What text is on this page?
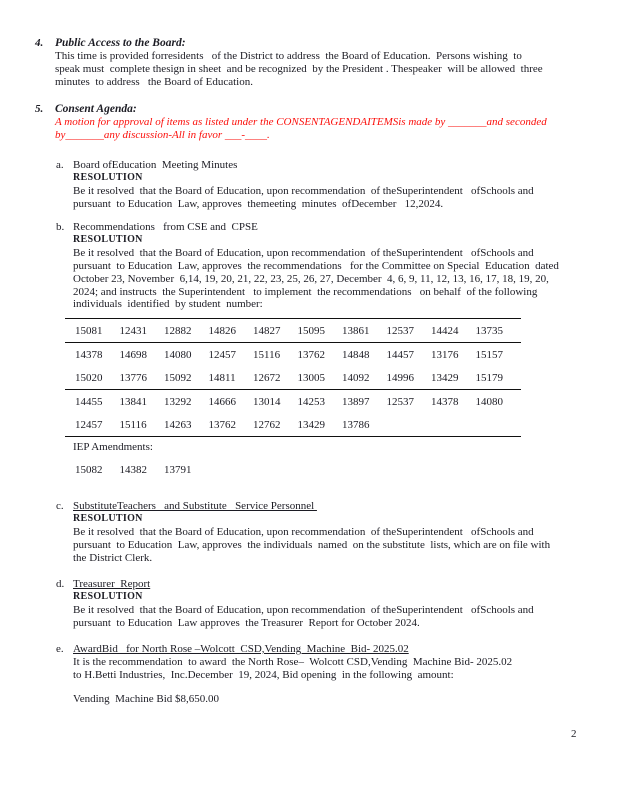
4. Public Access to the Board:
This time is provided forresidents   of the District to address  the Board of Education.  Persons wishing  to
speak must  complete thesign in sheet  and be recognized  by the President . Thespeaker  will be allowed  three
minutes  to address   the Board of Education.
5. Consent Agenda:
A motion for approval of items as listed under the CONSENTAGENDAITEMSis made by _______and seconded
by_______any discussion-All in favor ___-____.
a. Board ofEducation  Meeting Minutes
RESOLUTION
Be it resolved  that the Board of Education, upon recommendation  of theSuperintendent   ofSchools and
pursuant  to Education  Law, approves  themeeting  minutes  ofDecember   12,2024.
b. Recommendations   from CSE and  CPSE
RESOLUTION
Be it resolved  that the Board of Education, upon recommendation  of theSuperintendent   ofSchools and
pursuant  to Education  Law, approves  the recommendations   for the Committee on Special  Education  dated
October 23, November  6,14, 19, 20, 21, 22, 23, 25, 26, 27, December  4, 6, 9, 11, 12, 13, 16, 17, 18, 19, 20,
2024; and instructs  the Superintendent   to implement  the recommendations   on behalf  of the following
individuals  identified  by student  number:
15081	12431	12882	14826	14827	15095	13861	12537	14424	13735
14378	14698	14080	12457	15116	13762	14848	14457	13176	15157
15020	13776	15092	14811	12672	13005	14092	14996	13429	15179
14455	13841	13292	14666	13014	14253	13897	12537	14378	14080
12457	15116	14263	13762	12762	13429	13786
IEP Amendments:
15082	14382	13791
c. SubstituteTeachers   and Substitute   Service Personnel
RESOLUTION
Be it resolved  that the Board of Education, upon recommendation  of theSuperintendent   ofSchools and
pursuant  to Education  Law, approves  the individuals  named  on the substitute  lists, which are on file with
the District Clerk.
d. Treasurer  Report
RESOLUTION
Be it resolved  that the Board of Education, upon recommendation  of theSuperintendent   ofSchools and
pursuant  to Education  Law approves  the Treasurer  Report for October 2024.
e. AwardBid   for North Rose –Wolcott  CSD,Vending  Machine  Bid- 2025.02
It is the recommendation  to award  the North Rose–  Wolcott CSD,Vending  Machine Bid- 2025.02
to H.Betti Industries,  Inc.December  19, 2024, Bid opening  in the following  amount:
Vending  Machine Bid $8,650.00
2
